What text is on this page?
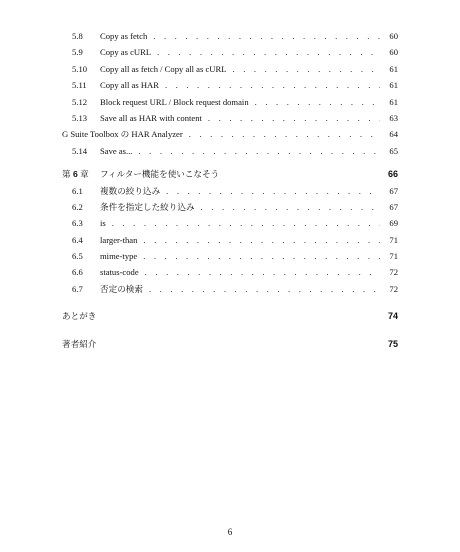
5.8	Copy as fetch . . .	60
5.9	Copy as cURL . . .	60
5.10	Copy all as fetch / Copy all as cURL . . .	61
5.11	Copy all as HAR . . .	61
5.12	Block request URL / Block request domain . . .	61
5.13	Save all as HAR with content . . .	63
G Suite Toolbox の HAR Analyzer . . .	64
5.14	Save as... . . .	65
第 6 章	フィルター機能を使いこなそう	66
6.1	複数の絞り込み . . .	67
6.2	条件を指定した絞り込み . . .	67
6.3	is . . .	69
6.4	larger-than . . .	71
6.5	mime-type . . .	71
6.6	status-code . . .	72
6.7	否定の検索 . . .	72
あとがき	74
著者紹介	75
6
